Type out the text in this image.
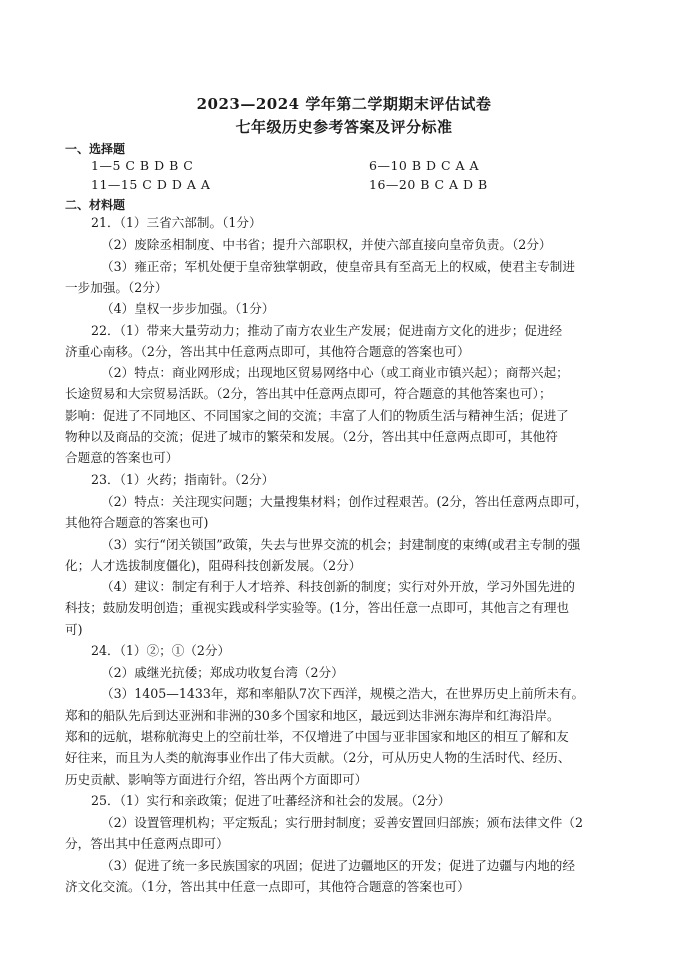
2023—2024 学年第二学期期末评估试卷
七年级历史参考答案及评分标准
一、选择题
1—5 C B D B C	6—10 B D C A A
11—15 C D D A A	16—20 B C A D B
二、材料题
21．（1）三省六部制。（1分）
（2）废除丞相制度、中书省；提升六部职权，并使六部直接向皇帝负责。（2分）
（3）雍正帝；军机处便于皇帝独掌朝政，使皇帝具有至高无上的权威，使君主专制进
一步加强。（2分）
（4）皇权一步步加强。（1分）
22．（1）带来大量劳动力；推动了南方农业生产发展；促进南方文化的进步；促进经
济重心南移。（2分，答出其中任意两点即可，其他符合题意的答案也可）
（2）特点：商业网形成；出现地区贸易网络中心（或工商业市镇兴起）；商帮兴起；
长途贸易和大宗贸易活跃。（2分，答出其中任意两点即可，符合题意的其他答案也可）；
影响：促进了不同地区、不同国家之间的交流；丰富了人们的物质生活与精神生活；促进了
物种以及商品的交流；促进了城市的繁荣和发展。（2分，答出其中任意两点即可，其他符
合题意的答案也可）
23．（1）火药；指南针。（2分）
（2）特点：关注现实问题；大量搜集材料；创作过程艰苦。(2分，答出任意两点即可，
其他符合题意的答案也可)
（3）实行“闭关锁国”政策，失去与世界交流的机会；封建制度的束缚(或君主专制的强
化；人才选拔制度僵化)，阻碍科技创新发展。（2分）
（4）建议：制定有利于人才培养、科技创新的制度；实行对外开放，学习外国先进的
科技；鼓励发明创造；重视实践或科学实验等。(1分，答出任意一点即可，其他言之有理也
可)
24．（1）②；①（2分）
（2）戚继光抗倭；郑成功收复台湾（2分）
（3）1405—1433年，郑和率船队7次下西洋，规模之浩大，在世界历史上前所未有。
郑和的船队先后到达亚洲和非洲的30多个国家和地区，最远到达非洲东海岸和红海沿岸。
郑和的远航，堪称航海史上的空前壮举，不仅增进了中国与亚非国家和地区的相互了解和友
好往来，而且为人类的航海事业作出了伟大贡献。（2分，可从历史人物的生活时代、经历、
历史贡献、影响等方面进行介绍，答出两个方面即可）
25．（1）实行和亲政策；促进了吐蕃经济和社会的发展。（2分）
（2）设置管理机构；平定叛乱；实行册封制度；妥善安置回归部族；颁布法律文件（2
分，答出其中任意两点即可）
（3）促进了统一多民族国家的巩固；促进了边疆地区的开发；促进了边疆与内地的经
济文化交流。（1分，答出其中任意一点即可，其他符合题意的答案也可）
